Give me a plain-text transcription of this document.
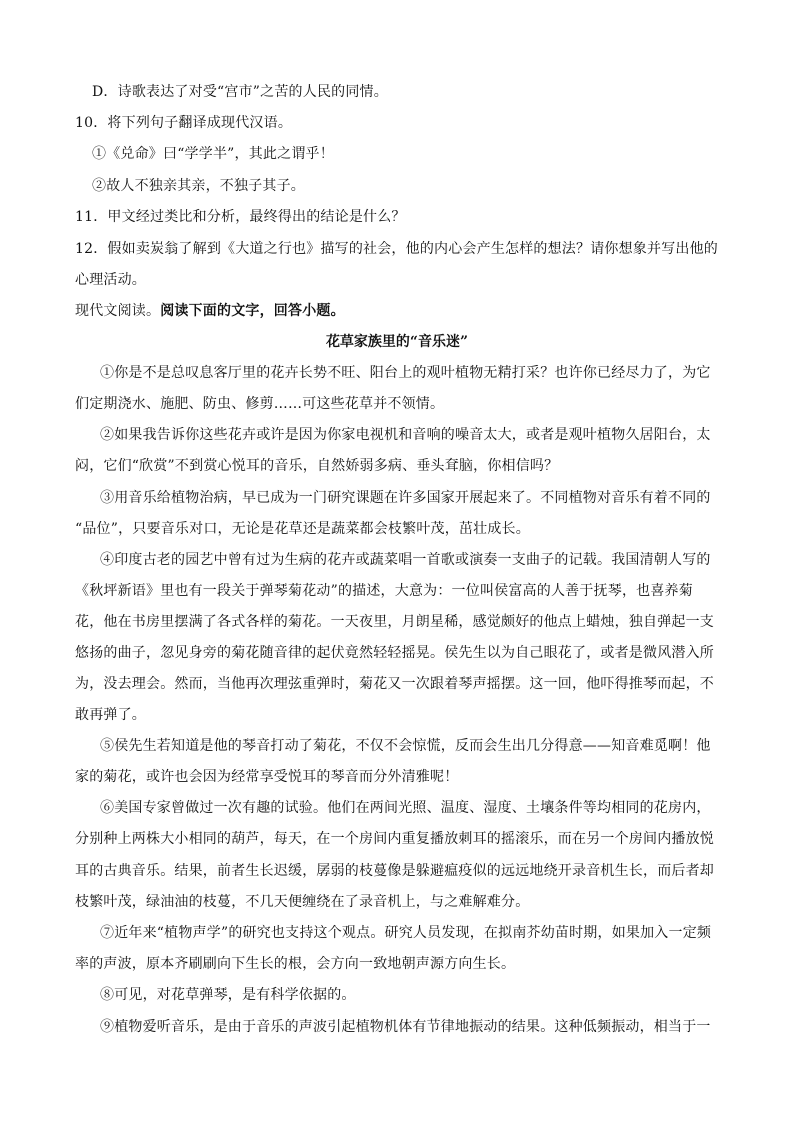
D．诗歌表达了对受“宫市”之苦的人民的同情。
10．将下列句子翻译成现代汉语。
①《兑命》曰“学学半”，其此之谓乎！
②故人不独亲其亲，不独子其子。
11．甲文经过类比和分析，最终得出的结论是什么？
12．假如卖炭翁了解到《大道之行也》描写的社会，他的内心会产生怎样的想法？请你想象并写出他的
心理活动。
现代文阅读。阅读下面的文字，回答小题。
花草家族里的“音乐迷”
①你是不是总叹息客厅里的花卉长势不旺、阳台上的观叶植物无精打采？也许你已经尽力了，为它
们定期浇水、施肥、防虫、修剪……可这些花草并不领情。
②如果我告诉你这些花卉或许是因为你家电视机和音响的噪音太大，或者是观叶植物久居阳台，太
闷，它们“欣赏”不到赏心悦耳的音乐，自然娇弱多病、垂头耷脑，你相信吗？
③用音乐给植物治病，早已成为一门研究课题在许多国家开展起来了。不同植物对音乐有着不同的
“品位”，只要音乐对口，无论是花草还是蔬菜都会枝繁叶茂，茁壮成长。
④印度古老的园艺中曾有过为生病的花卉或蔬菜唱一首歌或演奏一支曲子的记载。我国清朝人写的
《秋坪新语》里也有一段关于弹琴菊花动”的描述，大意为：一位叫侯富高的人善于抚琴，也喜养菊
花，他在书房里摆满了各式各样的菊花。一天夜里，月朗星稀，感觉颇好的他点上蜡烛，独自弹起一支
悠扬的曲子，忽见身旁的菊花随音律的起伏竟然轻轻摇晃。侯先生以为自己眼花了，或者是微风潜入所
为，没去理会。然而，当他再次理弦重弹时，菊花又一次跟着琴声摇摆。这一回，他吓得推琴而起，不
敢再弹了。
⑤侯先生若知道是他的琴音打动了菊花，不仅不会惊慌，反而会生出几分得意——知音难觅啊！他
家的菊花，或许也会因为经常享受悦耳的琴音而分外清雅呢！
⑥美国专家曾做过一次有趣的试验。他们在两间光照、温度、湿度、土壤条件等均相同的花房内，
分别种上两株大小相同的葫芦，每天，在一个房间内重复播放刺耳的摇滚乐，而在另一个房间内播放悦
耳的古典音乐。结果，前者生长迟缓，孱弱的枝蔓像是躲避瘟疫似的远远地绕开录音机生长，而后者却
枝繁叶茂，绿油油的枝蔓，不几天便缠绕在了录音机上，与之难解难分。
⑦近年来“植物声学”的研究也支持这个观点。研究人员发现，在拟南芥幼苗时期，如果加入一定频
率的声波，原本齐刷刷向下生长的根，会方向一致地朝声源方向生长。
⑧可见，对花草弹琴，是有科学依据的。
⑨植物爱听音乐，是由于音乐的声波引起植物机体有节律地振动的结果。这种低频振动，相当于一
